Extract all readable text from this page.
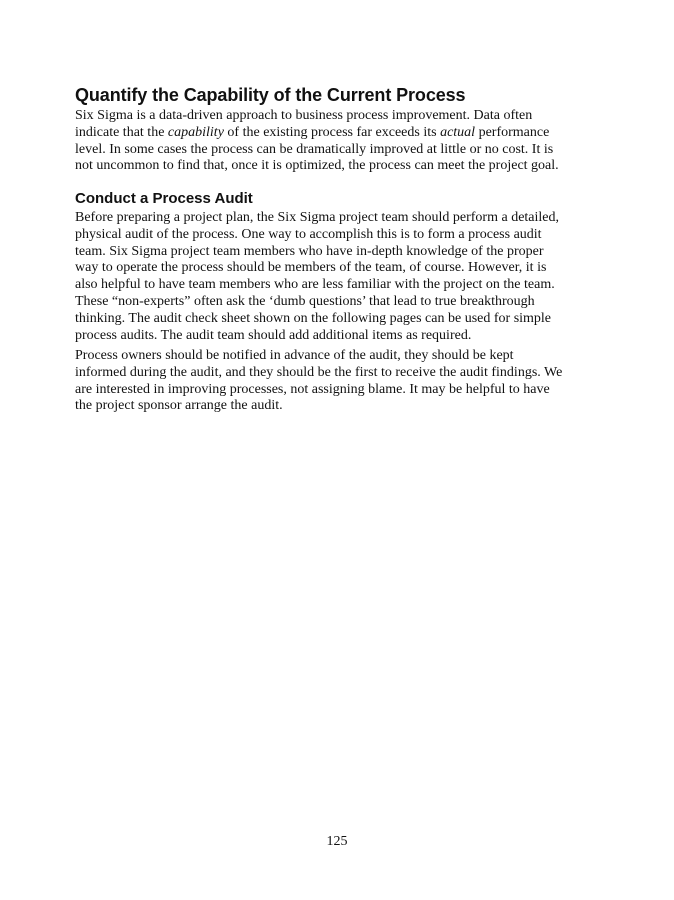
Quantify the Capability of the Current Process
Six Sigma is a data-driven approach to business process improvement. Data often
indicate that the capability of the existing process far exceeds its actual performance
level. In some cases the process can be dramatically improved at little or no cost. It is
not uncommon to find that, once it is optimized, the process can meet the project goal.
Conduct a Process Audit
Before preparing a project plan, the Six Sigma project team should perform a detailed,
physical audit of the process. One way to accomplish this is to form a process audit
team. Six Sigma project team members who have in-depth knowledge of the proper
way to operate the process should be members of the team, of course. However, it is
also helpful to have team members who are less familiar with the project on the team.
These “non-experts” often ask the ‘dumb questions’ that lead to true breakthrough
thinking. The audit check sheet shown on the following pages can be used for simple
process audits. The audit team should add additional items as required.
Process owners should be notified in advance of the audit, they should be kept
informed during the audit, and they should be the first to receive the audit findings. We
are interested in improving processes, not assigning blame. It may be helpful to have
the project sponsor arrange the audit.
125
